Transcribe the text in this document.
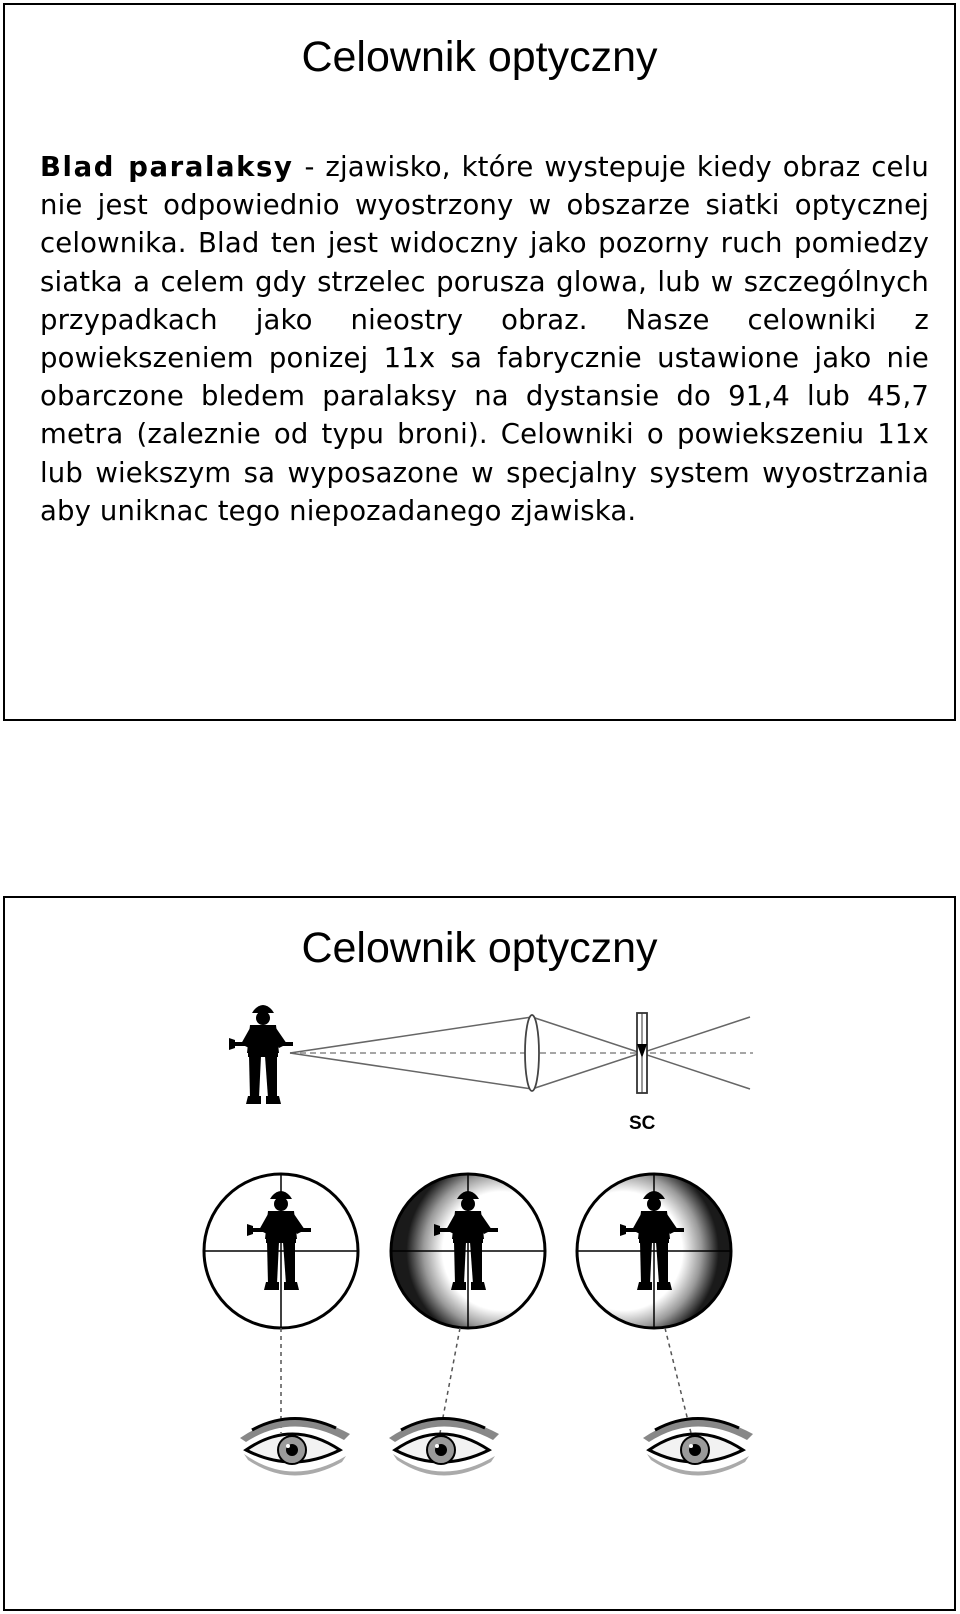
Celownik optyczny

Blad paralaksy - zjawisko, które wystepuje kiedy obraz celu nie jest odpowiednio wyostrzony w obszarze siatki optycznej celownika. Blad ten jest widoczny jako pozorny ruch pomiedzy siatka a celem gdy strzelec porusza glowa, lub w szczególnych przypadkach jako nieostry obraz. Nasze celowniki z powiekszeniem ponizej 11x sa fabrycznie ustawione jako nie obarczone bledem paralaksy na dystansie do 91,4 lub 45,7 metra (zaleznie od typu broni). Celowniki o powiekszeniu 11x lub wiekszym sa wyposazone w specjalny system wyostrzania aby uniknac tego niepozadanego zjawiska.

Celownik optyczny
SC
